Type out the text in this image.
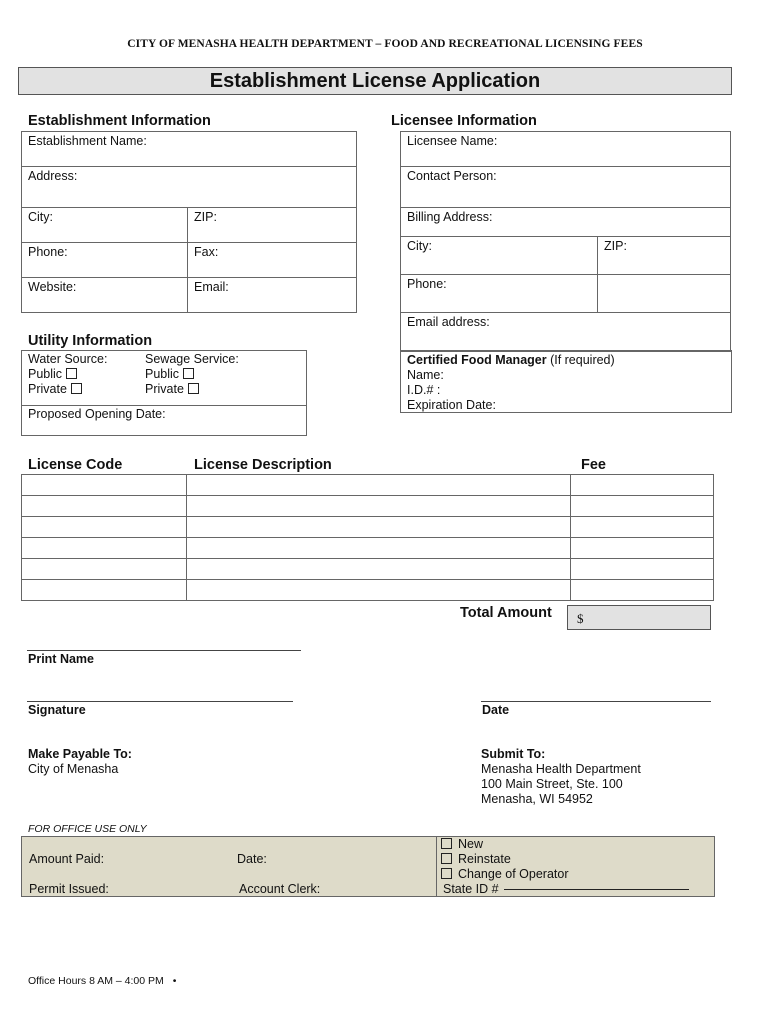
CITY OF MENASHA HEALTH DEPARTMENT – FOOD AND RECREATIONAL LICENSING FEES
Establishment License Application
Establishment Information
Establishment Name:	
Address:	
City:	ZIP:
Phone:	Fax:
Website:	Email:
Licensee Information
Licensee Name:	
Contact Person:	
Billing Address:	
City:	ZIP:
Phone:	
Email address:	
Certified Food Manager (If required)
Name:
I.D.# :
Expiration Date:
Utility Information
Water Source:
Public
Private
Sewage Service:
Public
Private
Proposed Opening Date:
License Code	License Description	Fee

Total Amount $
Print Name
Signature	Date
Make Payable To:
City of Menasha
Submit To:
Menasha Health Department
100 Main Street, Ste. 100
Menasha, WI 54952
FOR OFFICE USE ONLY
Amount Paid:	Date:
Permit Issued:	Account Clerk:
New
Reinstate
Change of Operator
State ID #
Office Hours 8 AM – 4:00 PM •
